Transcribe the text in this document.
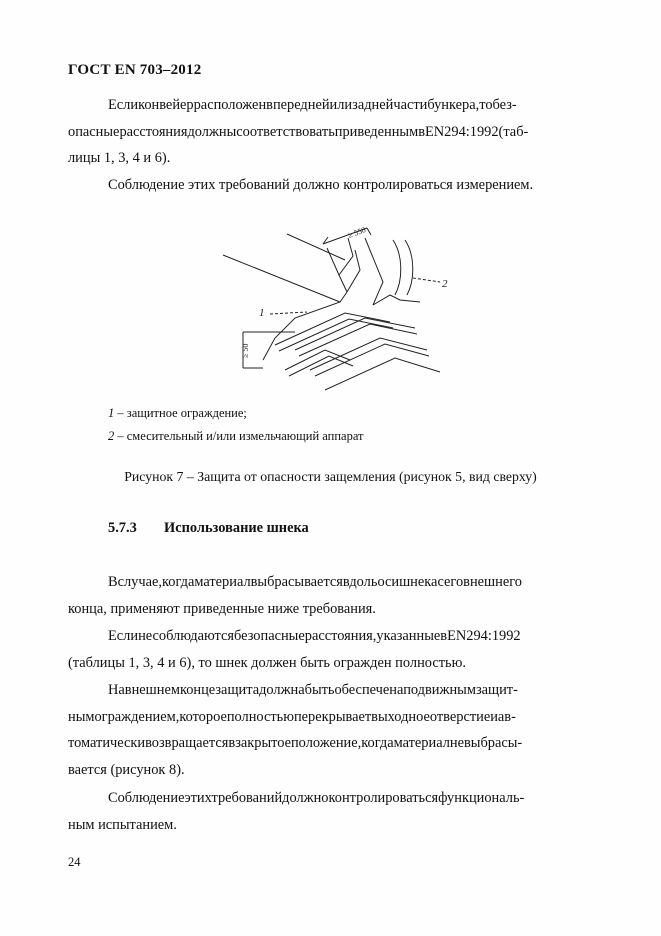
ГОСТ EN 703–2012
Есликонвейеррасположенвпереднейилизаднейчастибункера,тобез-
опасныерасстояниядолжнысоответствоватьприведеннымвEN294:1992(таб-
лицы 1, 3, 4 и 6).
Соблюдение этих требований должно контролироваться измерением.
≥ 550
≥ 50
1
2
1 – защитное ограждение;
2 – смесительный и/или измельчающий аппарат
Рисунок 7 – Защита от опасности защемления (рисунок 5, вид сверху)
5.7.3 Использование шнека
Вслучае,когдаматериалвыбрасываетсявдольосишнекасеговнешнего
конца, применяют приведенные ниже требования.
Еслинесоблюдаютсябезопасныерасстояния,указанныевEN294:1992
(таблицы 1, 3, 4 и 6), то шнек должен быть огражден полностью.
Навнешнемконцезащитадолжнабытьобеспеченаподвижнымзащит-
нымограждением,котороеполностьюперекрываетвыходноеотверстиеиав-
томатическивозвращаетсявзакрытоеположение,когдаматериалневыбрасы-
вается (рисунок 8).
Соблюдениеэтихтребованийдолжноконтролироватьсяфункциональ-
ным испытанием.
24
